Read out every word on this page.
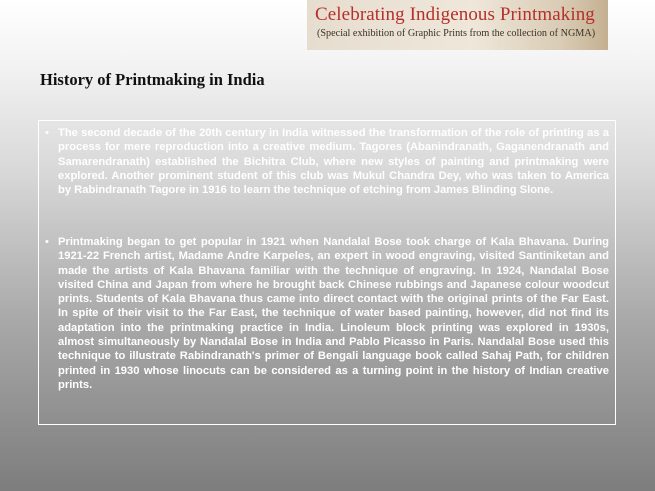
Celebrating Indigenous Printmaking
(Special exhibition of Graphic Prints from the collection of NGMA)
History of Printmaking in India

• The second decade of the 20th century in India witnessed the transformation of the role of printing as a process for mere reproduction into a creative medium. Tagores (Abanindranath, Gaganendranath and Samarendranath) established the Bichitra Club, where new styles of painting and printmaking were explored. Another prominent student of this club was Mukul Chandra Dey, who was taken to America by Rabindranath Tagore in 1916 to learn the technique of etching from James Blinding Slone.

• Printmaking began to get popular in 1921 when Nandalal Bose took charge of Kala Bhavana. During 1921-22 French artist, Madame Andre Karpeles, an expert in wood engraving, visited Santiniketan and made the artists of Kala Bhavana familiar with the technique of engraving. In 1924, Nandalal Bose visited China and Japan from where he brought back Chinese rubbings and Japanese colour woodcut prints. Students of Kala Bhavana thus came into direct contact with the original prints of the Far East. In spite of their visit to the Far East, the technique of water based painting, however, did not find its adaptation into the printmaking practice in India. Linoleum block printing was explored in 1930s, almost simultaneously by Nandalal Bose in India and Pablo Picasso in Paris. Nandalal Bose used this technique to illustrate Rabindranath's primer of Bengali language book called Sahaj Path, for children printed in 1930 whose linocuts can be considered as a turning point in the history of Indian creative prints.
